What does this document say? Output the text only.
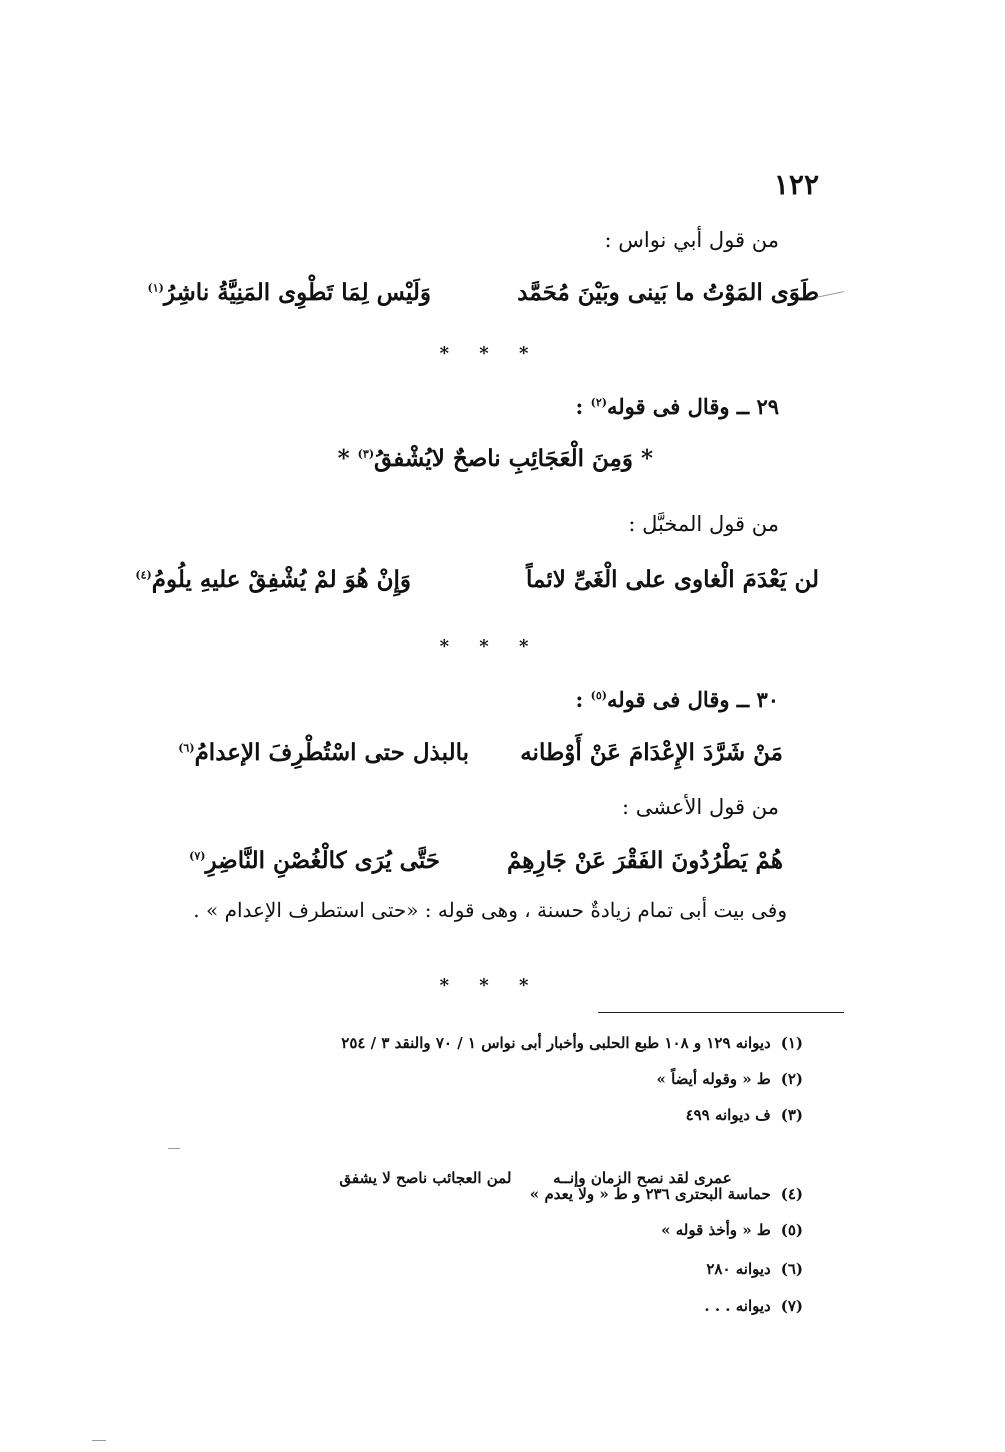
١٢٢
من قول أبي نواس :
طَوَى المَوْتُ ما بَينى وبَيْنَ مُحَمَّد
وَلَيْس لِمَا تَطْوِى المَنِيَّةُ ناشِرُ$^{(١)}$
* * *
٢٩ ــ وقال فى قوله$^{(٢)}$ :
* وَمِنَ الْعَجَائِبِ ناصحٌ لايُشْفقُ$^{(٣)}$ *
من قول المخبَّل :
لن يَعْدَمَ الْغاوى على الْغَىِّ لائماً
وَإِنْ هُوَ لمْ يُشْفِقْ عليهِ يلُومُ$^{(٤)}$
* * *
٣٠ ــ وقال فى قوله$^{(٥)}$ :
مَنْ شَرَّدَ الإِعْدَامَ عَنْ أَوْطانه
بالبذل حتى اسْتُطْرِفَ الإعدامُ$^{(٦)}$
من قول الأعشى :
هُمْ يَطْرُدُونَ الفَقْرَ عَنْ جَارِهِمْ
حَتَّى يُرَى كالْغُصْنِ النَّاضِرِ$^{(٧)}$
وفى بيت أبى تمام زيادةٌ حسنة ، وهى قوله : «حتى استطرف الإعدام » .
* * *
(١)ديوانه ١٢٩ و ١٠٨ طبع الحلبى وأخبار أبى نواس ١ / ٧٠ والنقد ٣ / ٢٥٤
(٢)ط « وقوله أيضاً »
(٣)ف ديوانه ٤٩٩

عمرى لقد نصح الزمان وإنــه        لمن العجائب ناصح لا يشفق

(٤)حماسة البحترى ٢٣٦ و ط « ولا يعدم »
(٥)ط « وأخذ قوله »
(٦)ديوانه ٢٨٠
(٧)ديوانه . . .
